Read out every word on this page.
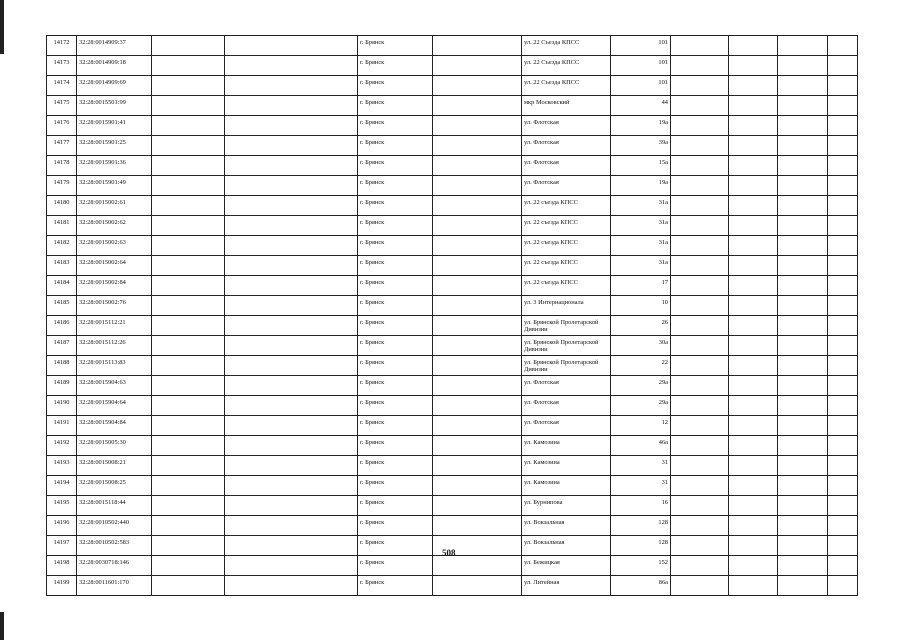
14172	32:28:0014909:37			г. Брянск		ул. 22 Съезда КПСС	101				
14173	32:28:0014909:18			г. Брянск		ул. 22 Съезда КПСС	101				
14174	32:28:0014909:69			г. Брянск		ул. 22 Съезда КПСС	101				
14175	32:28:0015501:99			г. Брянск		мкр Московский	44				
14176	32:28:0015901:41			г. Брянск		ул. Флотская	19а				
14177	32:28:0015901:25			г. Брянск		ул. Флотская	39а				
14178	32:28:0015901:36			г. Брянск		ул. Флотская	15а				
14179	32:28:0015901:49			г. Брянск		ул. Флотская	19а				
14180	32:28:0015002:61			г. Брянск		ул. 22 съезда КПСС	31а				
14181	32:28:0015002:62			г. Брянск		ул. 22 съезда КПСС	31а				
14182	32:28:0015002:63			г. Брянск		ул. 22 съезда КПСС	31а				
14183	32:28:0015002:64			г. Брянск		ул. 22 съезда КПСС	31а				
14184	32:28:0015002:84			г. Брянск		ул. 22 съезда КПСС	17				
14185	32:28:0015002:76			г. Брянск		ул. 3 Интернационала	10				
14186	32:28:0015112:21			г. Брянск		ул. Брянской Пролетарской Дивизии	26				
14187	32:28:0015112:26			г. Брянск		ул. Брянской Пролетарской Дивизии	30а				
14188	32:28:0015113:83			г. Брянск		ул. Брянской Пролетарской Дивизии	22				
14189	32:28:0015904:63			г. Брянск		ул. Флотская	29а				
14190	32:28:0015904:64			г. Брянск		ул. Флотская	29а				
14191	32:28:0015904:84			г. Брянск		ул. Флотская	12				
14192	32:28:0015005:30			г. Брянск		ул. Камозина	46а				
14193	32:28:0015008:21			г. Брянск		ул. Камозина	31				
14194	32:28:0015008:25			г. Брянск		ул. Камозина	31				
14195	32:28:0015118:44			г. Брянск		ул. Бурнипова	16				
14196	32:28:0010502:440			г. Брянск		ул. Вокзальная	128				
14197	32:28:0010502:583			г. Брянск		ул. Вокзальная	128				
14198	32:28:0030718:146			г. Брянск		ул. Бежицкая	152				
14199	32:28:0011601:170			г. Брянск		ул. Литейная	86а				
508
